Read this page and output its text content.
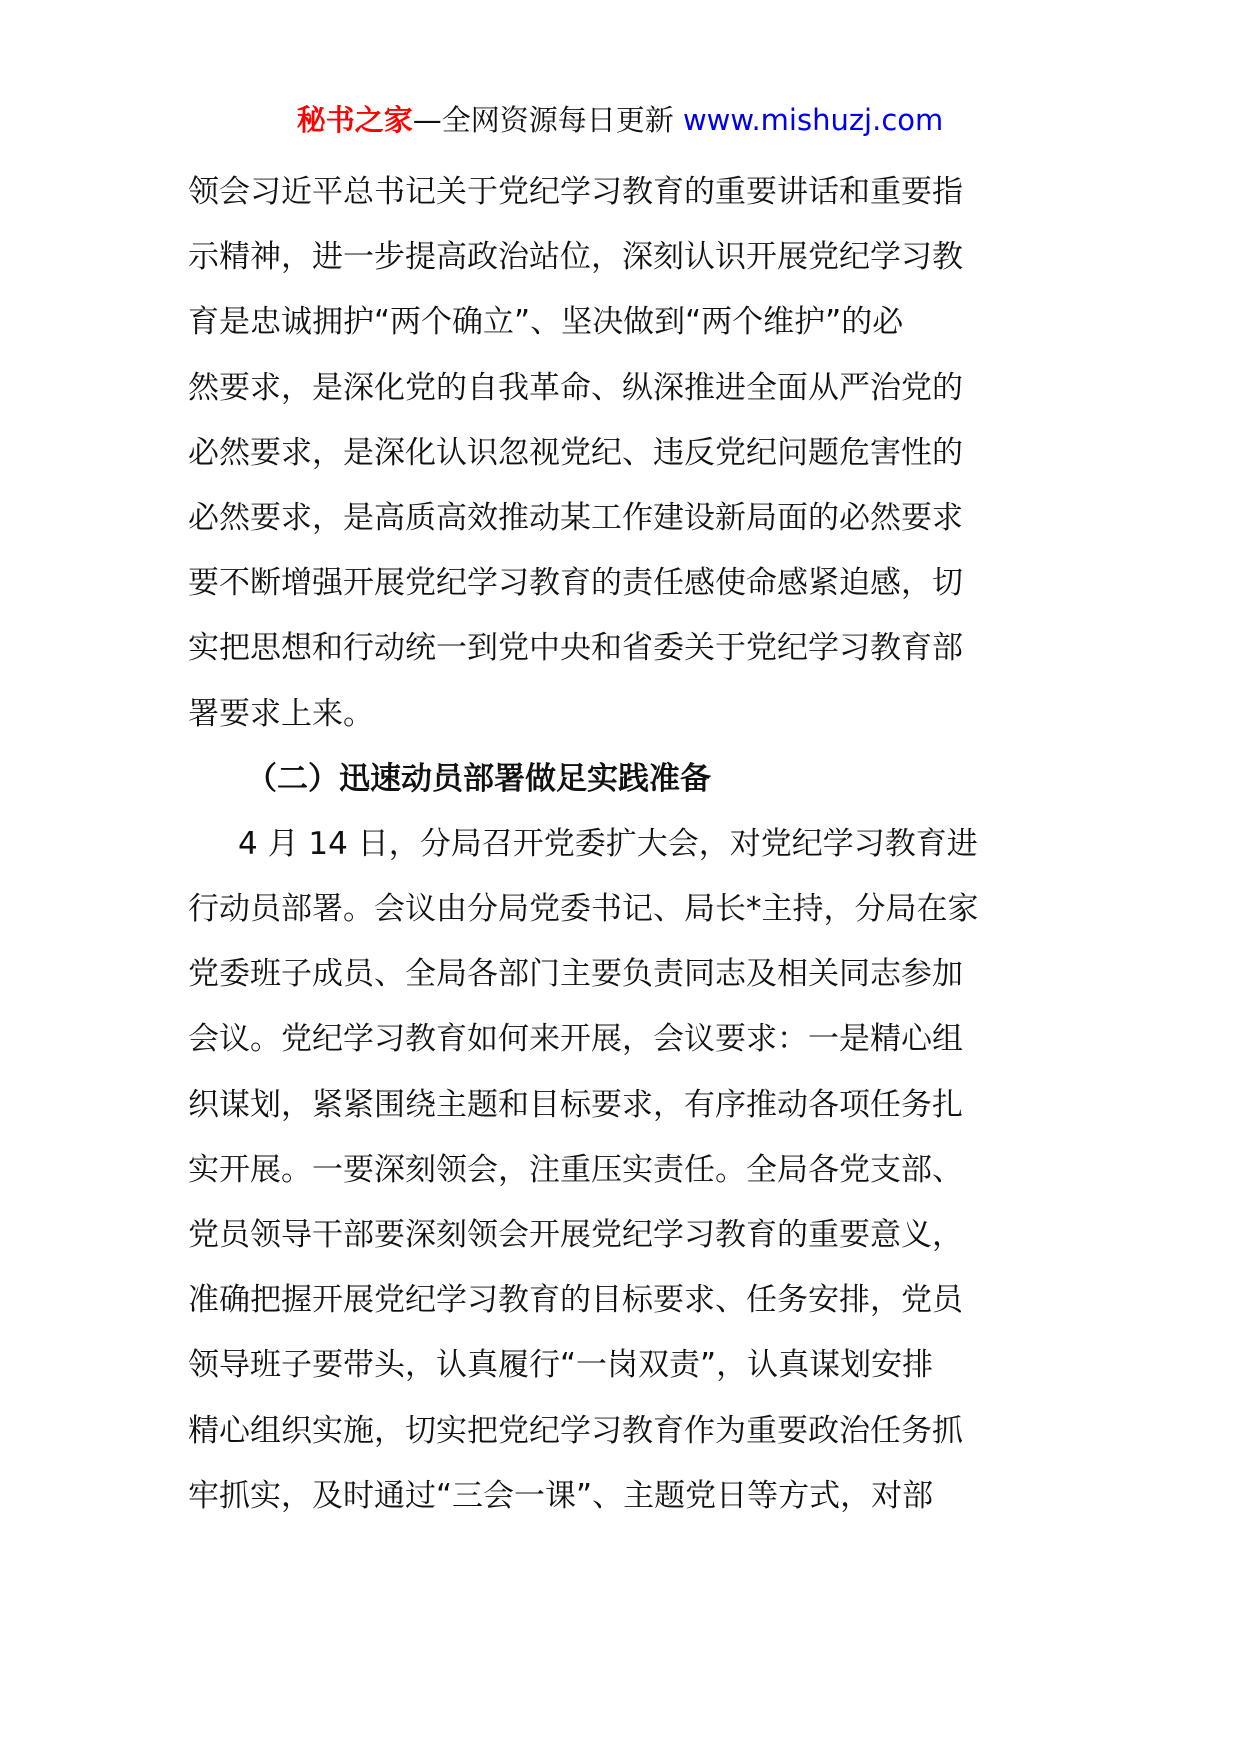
秘书之家—全网资源每日更新 www.mishuzj.com
领会习近平总书记关于党纪学习教育的重要讲话和重要指
示精神，进一步提高政治站位，深刻认识开展党纪学习教
育是忠诚拥护“两个确立”、坚决做到“两个维护”的必
然要求，是深化党的自我革命、纵深推进全面从严治党的
必然要求，是深化认识忽视党纪、违反党纪问题危害性的
必然要求，是高质高效推动某工作建设新局面的必然要求
要不断增强开展党纪学习教育的责任感使命感紧迫感，切
实把思想和行动统一到党中央和省委关于党纪学习教育部
署要求上来。
（二）迅速动员部署做足实践准备
4 月 14 日，分局召开党委扩大会，对党纪学习教育进
行动员部署。会议由分局党委书记、局长*主持，分局在家
党委班子成员、全局各部门主要负责同志及相关同志参加
会议。党纪学习教育如何来开展，会议要求：一是精心组
织谋划，紧紧围绕主题和目标要求，有序推动各项任务扎
实开展。一要深刻领会，注重压实责任。全局各党支部、
党员领导干部要深刻领会开展党纪学习教育的重要意义，
准确把握开展党纪学习教育的目标要求、任务安排，党员
领导班子要带头，认真履行“一岗双责”，认真谋划安排
精心组织实施，切实把党纪学习教育作为重要政治任务抓
牢抓实，及时通过“三会一课”、主题党日等方式，对部
